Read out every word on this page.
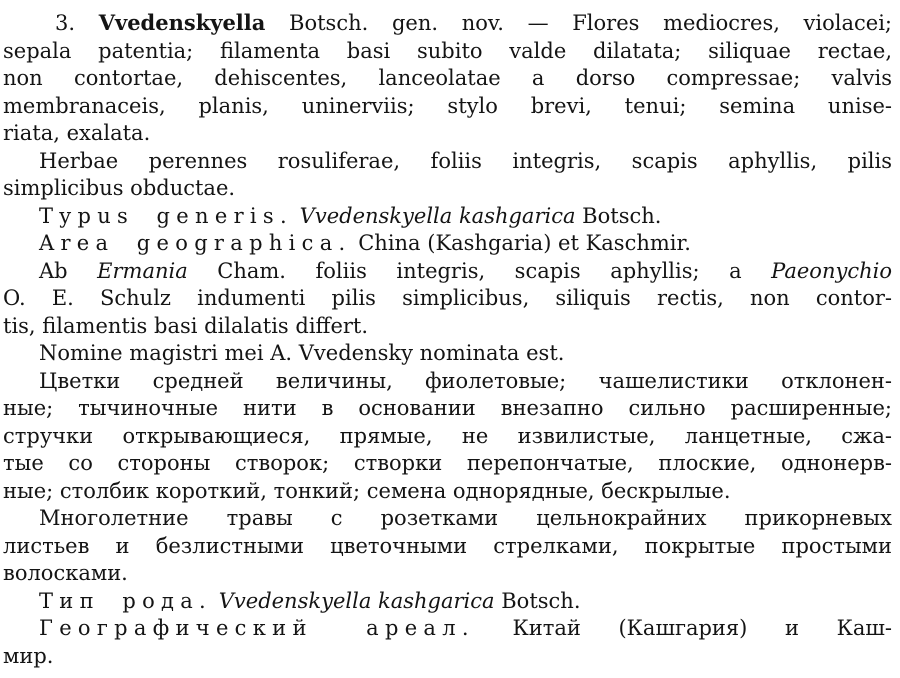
3. Vvedenskyella Botsch. gen. nov. — Flores mediocres, violacei;
sepala patentia; filamenta basi subito valde dilatata; siliquae rectae,
non contortae, dehiscentes, lanceolatae a dorso compressae; valvis
membranaceis, planis, uninerviis; stylo brevi, tenui; semina unise-
riata, exalata.
Herbae perennes rosuliferae, foliis integris, scapis aphyllis, pilis
simplicibus obductae.
Typus generis. Vvedenskyella kashgarica Botsch.
Area geographica. China (Kashgaria) et Kaschmir.
Ab Ermania Cham. foliis integris, scapis aphyllis; a Paeonychio
O. E. Schulz indumenti pilis simplicibus, siliquis rectis, non contor-
tis, filamentis basi dilalatis differt.
Nomine magistri mei A. Vvedensky nominata est.
Цветки средней величины, фиолетовые; чашелистики отклонен-
ные; тычиночные нити в основании внезапно сильно расширенные;
стручки открывающиеся, прямые, не извилистые, ланцетные, сжа-
тые со стороны створок; створки перепончатые, плоские, однонерв-
ные; столбик короткий, тонкий; семена однорядные, бескрылые.
Многолетние травы с розетками цельнокрайних прикорневых
листьев и безлистными цветочными стрелками, покрытые простыми
волосками.
Тип рода. Vvedenskyella kashgarica Botsch.
Географический ареал. Китай (Кашгария) и Каш-
мир.
